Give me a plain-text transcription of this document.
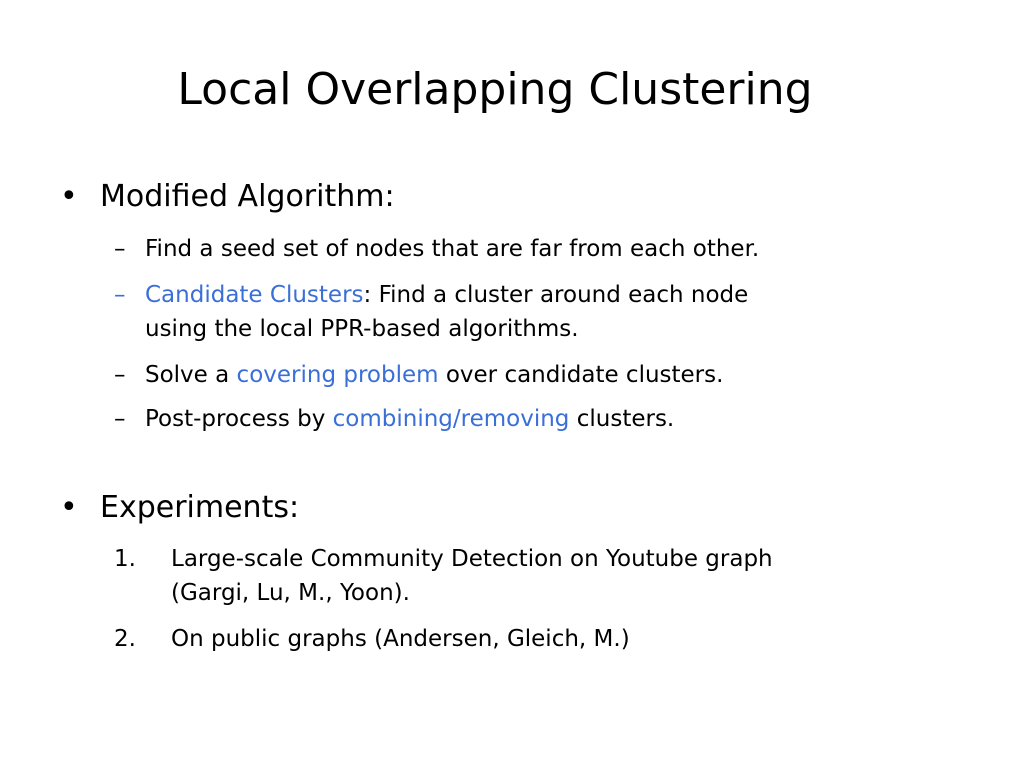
Local Overlapping Clustering
• Modified Algorithm:
– Find a seed set of nodes that are far from each other.
– Candidate Clusters: Find a cluster around each node
using the local PPR-based algorithms.
– Solve a covering problem over candidate clusters.
– Post-process by combining/removing clusters.
• Experiments:
1. Large-scale Community Detection on Youtube graph
(Gargi, Lu, M., Yoon).
2. On public graphs (Andersen, Gleich, M.)
